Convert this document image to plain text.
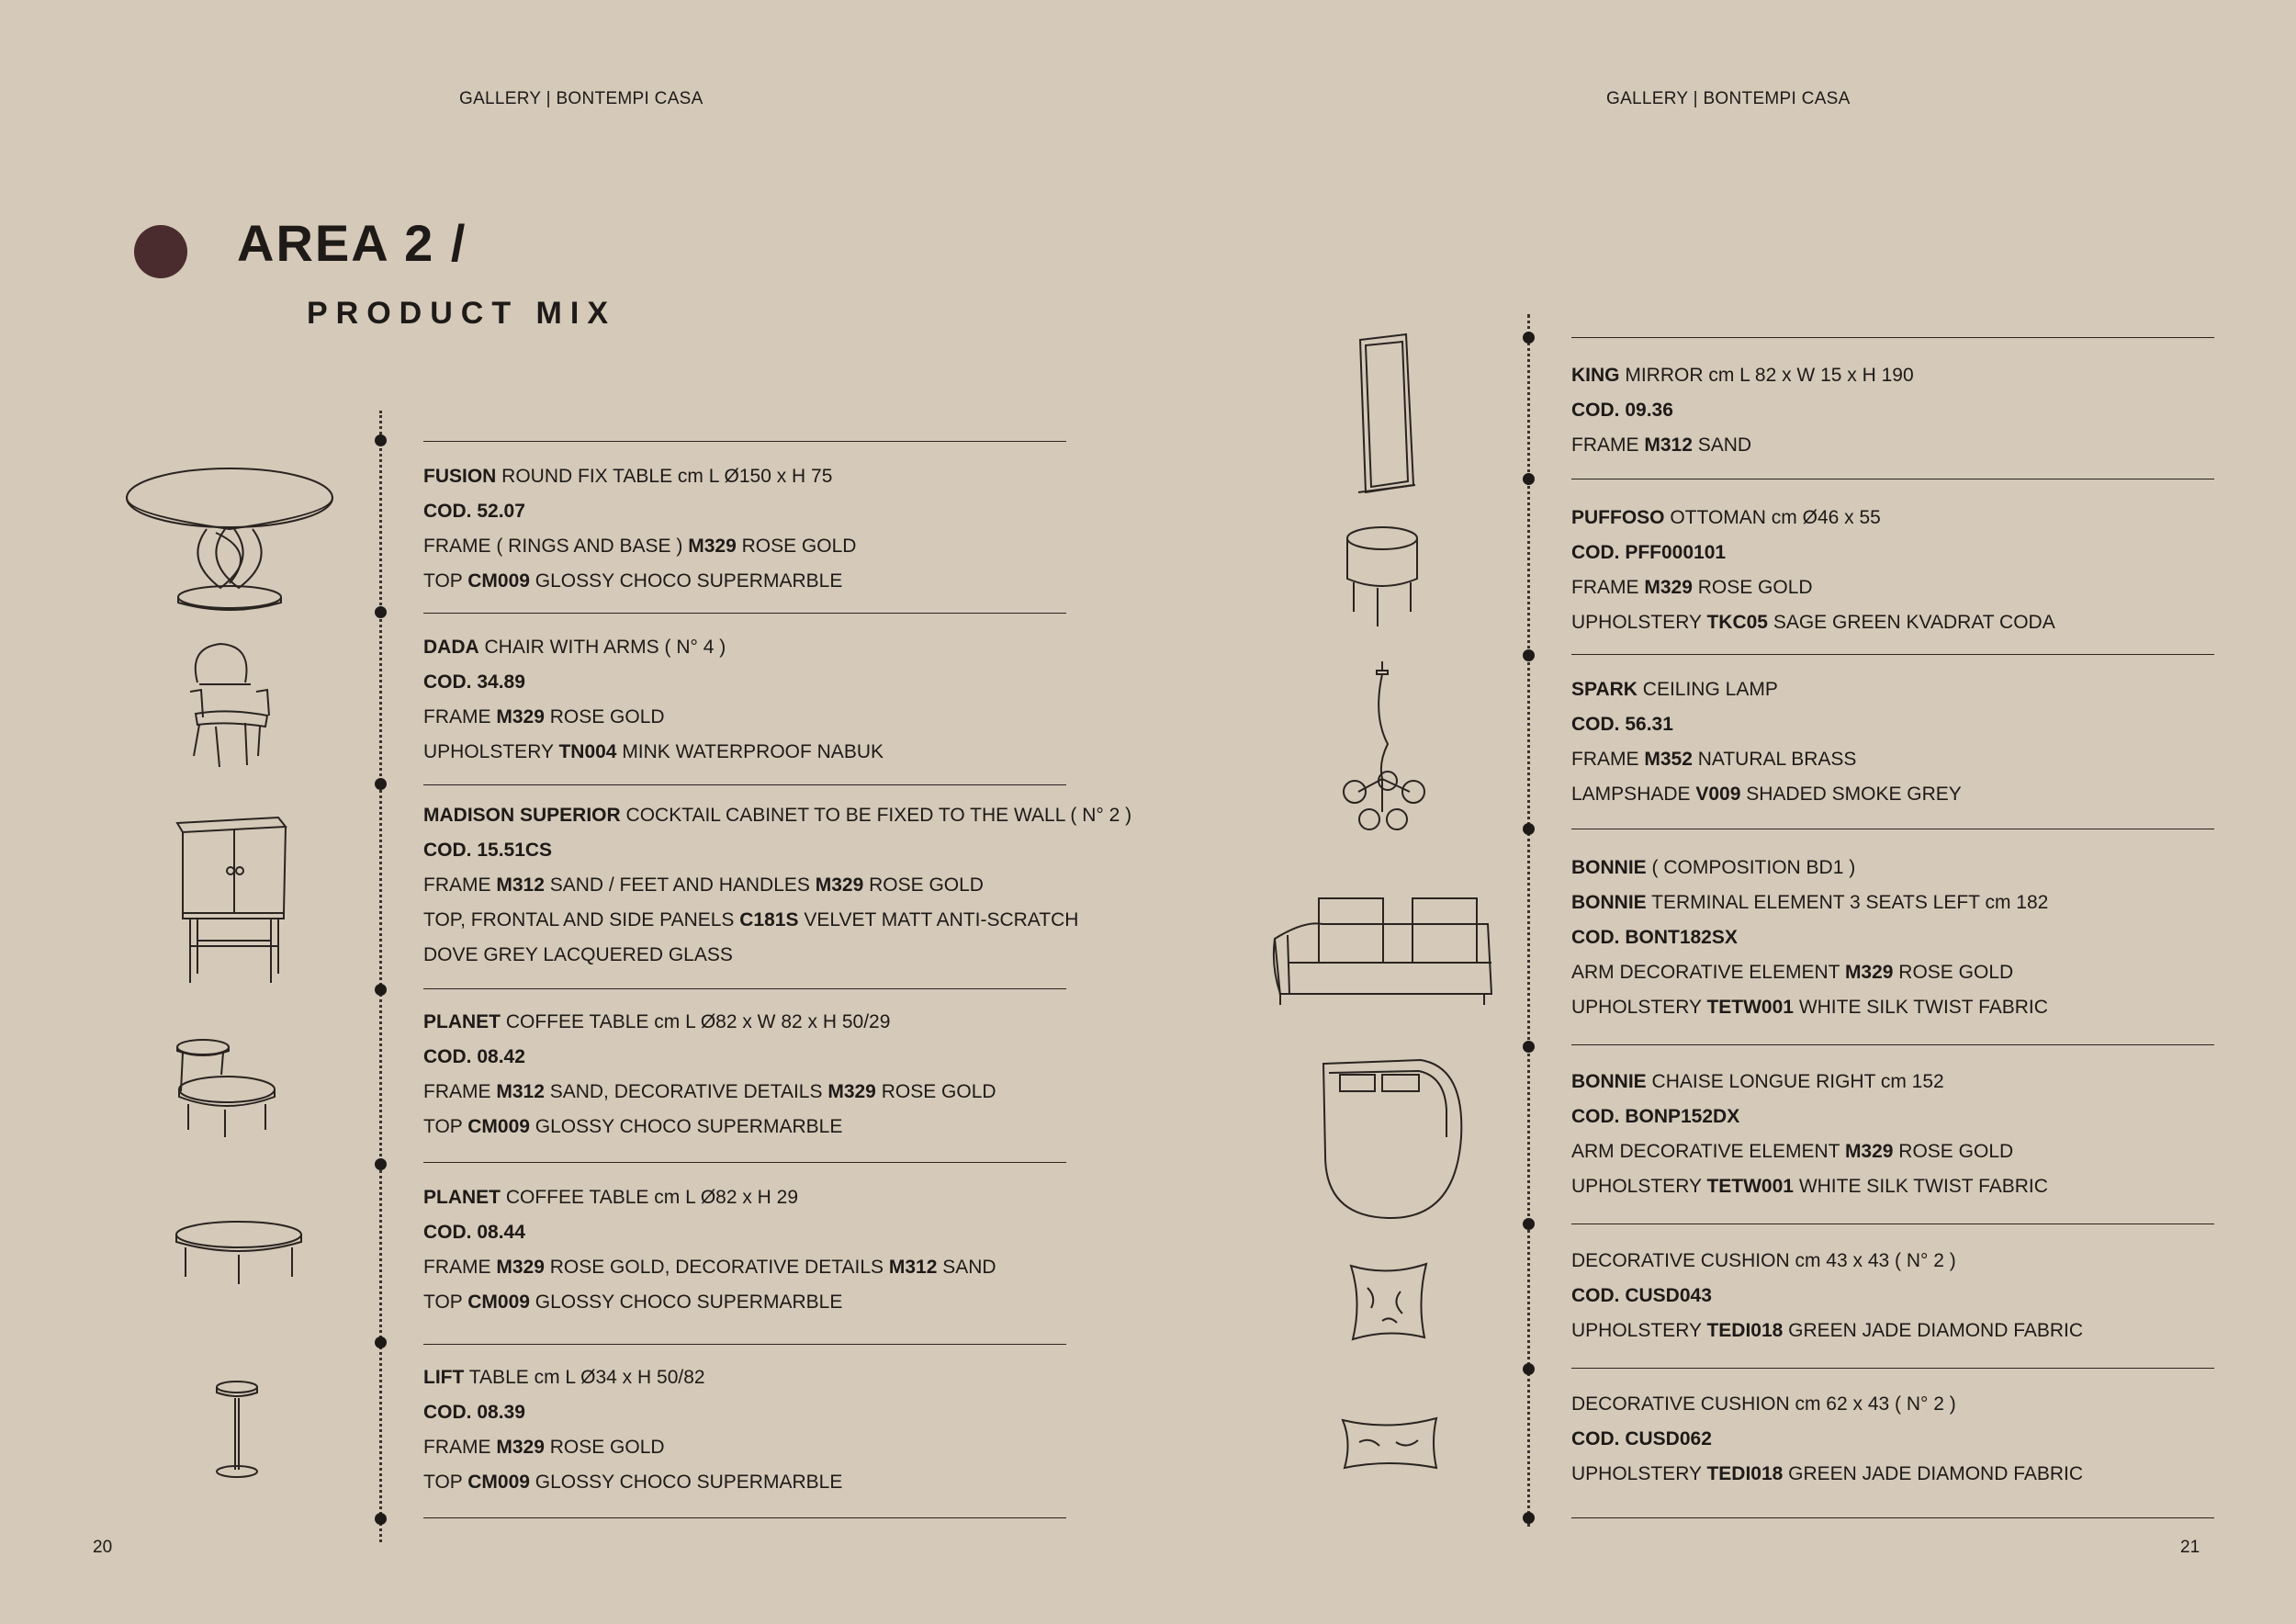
GALLERY | BONTEMPI CASA	GALLERY | BONTEMPI CASA
AREA 2 /
PRODUCT MIX
FUSION ROUND FIX TABLE cm L Ø150 x H 75
COD. 52.07
FRAME ( RINGS AND BASE ) M329 ROSE GOLD
TOP CM009 GLOSSY CHOCO SUPERMARBLE
DADA CHAIR WITH ARMS ( N° 4 )
COD. 34.89
FRAME M329 ROSE GOLD
UPHOLSTERY TN004 MINK WATERPROOF NABUK
MADISON SUPERIOR COCKTAIL CABINET TO BE FIXED TO THE WALL ( N° 2 )
COD. 15.51CS
FRAME M312 SAND / FEET AND HANDLES M329 ROSE GOLD
TOP, FRONTAL AND SIDE PANELS C181S VELVET MATT ANTI-SCRATCH
DOVE GREY LACQUERED GLASS
PLANET COFFEE TABLE cm L Ø82 x W 82 x H 50/29
COD. 08.42
FRAME M312 SAND, DECORATIVE DETAILS M329 ROSE GOLD
TOP CM009 GLOSSY CHOCO SUPERMARBLE
PLANET COFFEE TABLE cm L Ø82 x H 29
COD. 08.44
FRAME M329 ROSE GOLD, DECORATIVE DETAILS M312 SAND
TOP CM009 GLOSSY CHOCO SUPERMARBLE
LIFT TABLE cm L Ø34 x H 50/82
COD. 08.39
FRAME M329 ROSE GOLD
TOP CM009 GLOSSY CHOCO SUPERMARBLE
KING MIRROR cm L 82 x W 15 x H 190
COD. 09.36
FRAME M312 SAND
PUFFOSO OTTOMAN cm Ø46 x 55
COD. PFF000101
FRAME M329 ROSE GOLD
UPHOLSTERY TKC05 SAGE GREEN KVADRAT CODA
SPARK CEILING LAMP
COD. 56.31
FRAME M352 NATURAL BRASS
LAMPSHADE V009 SHADED SMOKE GREY
BONNIE ( COMPOSITION BD1 )
BONNIE TERMINAL ELEMENT 3 SEATS LEFT cm 182
COD. BONT182SX
ARM DECORATIVE ELEMENT M329 ROSE GOLD
UPHOLSTERY TETW001 WHITE SILK TWIST FABRIC
BONNIE CHAISE LONGUE RIGHT cm 152
COD. BONP152DX
ARM DECORATIVE ELEMENT M329 ROSE GOLD
UPHOLSTERY TETW001 WHITE SILK TWIST FABRIC
DECORATIVE CUSHION cm 43 x 43 ( N° 2 )
COD. CUSD043
UPHOLSTERY TEDI018 GREEN JADE DIAMOND FABRIC
DECORATIVE CUSHION cm 62 x 43 ( N° 2 )
COD. CUSD062
UPHOLSTERY TEDI018 GREEN JADE DIAMOND FABRIC
20	21
